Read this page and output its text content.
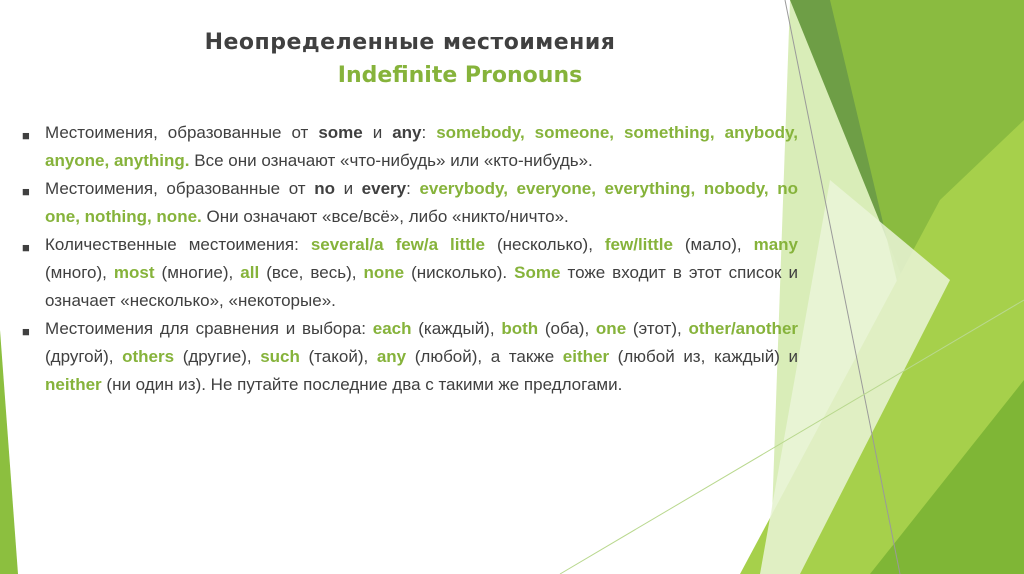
Неопределенные местоимения
Indefinite Pronouns
■ Местоимения, образованные от some и any: somebody, someone, something, anybody, anyone, anything. Все они означают «что-нибудь» или «кто-нибудь».
■ Местоимения, образованные от no и every: everybody, everyone, everything, nobody, no one, nothing, none. Они означают «все/всё», либо «никто/ничто».
■ Количественные местоимения: several/a few/a little (несколько), few/little (мало), many (много), most (многие), all (все, весь), none (нисколько). Some тоже входит в этот список и означает «несколько», «некоторые».
■ Местоимения для сравнения и выбора: each (каждый), both (оба), one (этот), other/another (другой), others (другие), such (такой), any (любой), а также either (любой из, каждый) и neither (ни один из). Не путайте последние два с такими же предлогами.
